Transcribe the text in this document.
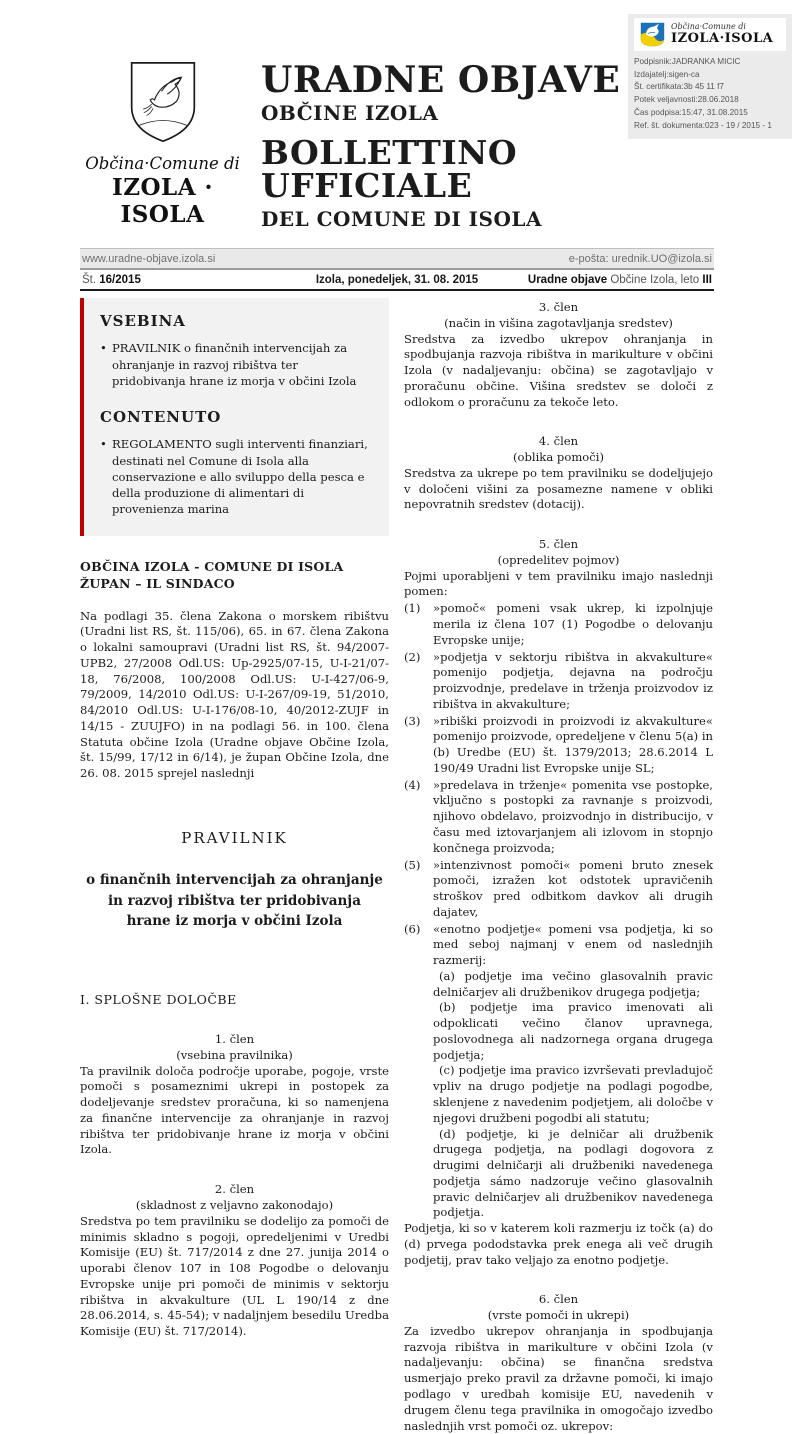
Občina·Comune di
IZOLA·ISOLA
Podpisnik:JADRANKA MICIC
Izdajatelj:sigen-ca
Št. certifikata:3b 45 11 f7
Potek veljavnosti:28.06.2018
Čas podpisa:15:47, 31.08.2015
Ref. št. dokumenta:023 - 19 / 2015 - 1
Občina·Comune di
IZOLA · ISOLA
URADNE OBJAVE
OBČINE IZOLA
BOLLETTINO UFFICIALE
DEL COMUNE DI ISOLA
www.uradne-objave.izola.si	e-pošta: urednik.UO@izola.si
Št. 16/2015	Izola, ponedeljek, 31. 08. 2015	Uradne objave Občine Izola, leto III
VSEBINA
• PRAVILNIK o finančnih intervencijah za ohranjanje in razvoj ribištva ter pridobivanja hrane iz morja v občini Izola
CONTENUTO
• REGOLAMENTO sugli interventi finanziari, destinati nel Comune di Isola alla conservazione e allo sviluppo della pesca e della produzione di alimentari di provenienza marina
OBČINA IZOLA - COMUNE DI ISOLA
ŽUPAN – IL SINDACO

Na podlagi 35. člena Zakona o morskem ribištvu (Uradni list RS, št. 115/06), 65. in 67. člena Zakona o lokalni samoupravi (Uradni list RS, št. 94/2007-UPB2, 27/2008 Odl.US: Up-2925/07-15, U-I-21/07-18, 76/2008, 100/2008 Odl.US: U-I-427/06-9, 79/2009, 14/2010 Odl.US: U-I-267/09-19, 51/2010, 84/2010 Odl.US: U-I-176/08-10, 40/2012-ZUJF in 14/15 - ZUUJFO) in na podlagi 56. in 100. člena Statuta občine Izola (Uradne objave Občine Izola, št. 15/99, 17/12 in 6/14), je župan Občine Izola, dne 26. 08. 2015 sprejel naslednji

PRAVILNIK
o finančnih intervencijah za ohranjanje in razvoj ribištva ter pridobivanja hrane iz morja v občini Izola
I. SPLOŠNE DOLOČBE
1. člen
(vsebina pravilnika)

Ta pravilnik določa področje uporabe, pogoje, vrste pomoči s posameznimi ukrepi in postopek za dodeljevanje sredstev proračuna, ki so namenjena za finančne intervencije za ohranjanje in razvoj ribištva ter pridobivanje hrane iz morja v občini Izola.

2. člen
(skladnost z veljavno zakonodajo)

Sredstva po tem pravilniku se dodelijo za pomoči de minimis skladno s pogoji, opredeljenimi v Uredbi Komisije (EU) št. 717/2014 z dne 27. junija 2014 o uporabi členov 107 in 108 Pogodbe o delovanju Evropske unije pri pomoči de minimis v sektorju ribištva in akvakulture (UL L 190/14 z dne 28.06.2014, s. 45-54); v nadaljnjem besedilu Uredba Komisije (EU) št. 717/2014).

3. člen
(način in višina zagotavljanja sredstev)

Sredstva za izvedbo ukrepov ohranjanja in spodbujanja razvoja ribištva in marikulture v občini Izola (v nadaljevanju: občina) se zagotavljajo v proračunu občine. Višina sredstev se določi z odlokom o proračunu za tekoče leto.

4. člen
(oblika pomoči)

Sredstva za ukrepe po tem pravilniku se dodeljujejo v določeni višini za posamezne namene v obliki nepovratnih sredstev (dotacij).

5. člen
(opredelitev pojmov)

Pojmi uporabljeni v tem pravilniku imajo naslednji pomen:

(1)	»pomoč« pomeni vsak ukrep, ki izpolnjuje merila iz člena 107 (1) Pogodbe o delovanju Evropske unije;
(2)	»podjetja v sektorju ribištva in akvakulture« pomenijo podjetja, dejavna na področju proizvodnje, predelave in trženja proizvodov iz ribištva in akvakulture;
(3)	»ribiški proizvodi in proizvodi iz akvakulture« pomenijo proizvode, opredeljene v členu 5(a) in (b) Uredbe (EU) št. 1379/2013; 28.6.2014 L 190/49 Uradni list Evropske unije SL;
(4)	»predelava in trženje« pomenita vse postopke, vključno s postopki za ravnanje s proizvodi, njihovo obdelavo, proizvodnjo in distribucijo, v času med iztovarjanjem ali izlovom in stopnjo končnega proizvoda;
(5)	»intenzivnost pomoči« pomeni bruto znesek pomoči, izražen kot odstotek upravičenih stroškov pred odbitkom davkov ali drugih dajatev,
(6)	«enotno podjetje« pomeni vsa podjetja, ki so med seboj najmanj v enem od naslednjih razmerij:
(a) podjetje ima večino glasovalnih pravic delničarjev ali družbenikov drugega podjetja;
(b) podjetje ima pravico imenovati ali odpoklicati večino članov upravnega, poslovodnega ali nadzornega organa drugega podjetja;
(c) podjetje ima pravico izvrševati prevladujoč vpliv na drugo podjetje na podlagi pogodbe, sklenjene z navedenim podjetjem, ali določbe v njegovi družbeni pogodbi ali statutu;
(d) podjetje, ki je delničar ali družbenik drugega podjetja, na podlagi dogovora z drugimi delničarji ali družbeniki navedenega podjetja sámo nadzoruje večino glasovalnih pravic delničarjev ali družbenikov navedenega podjetja.

Podjetja, ki so v katerem koli razmerju iz točk (a) do (d) prvega pododstavka prek enega ali več drugih podjetij, prav tako veljajo za enotno podjetje.

6. člen
(vrste pomoči in ukrepi)

Za izvedbo ukrepov ohranjanja in spodbujanja razvoja ribištva in marikulture v občini Izola (v nadaljevanju: občina) se finančna sredstva usmerjajo preko pravil za državne pomoči, ki imajo podlago v uredbah komisije EU, navedenih v drugem členu tega pravilnika in omogočajo izvedbo naslednjih vrst pomoči oz. ukrepov:
